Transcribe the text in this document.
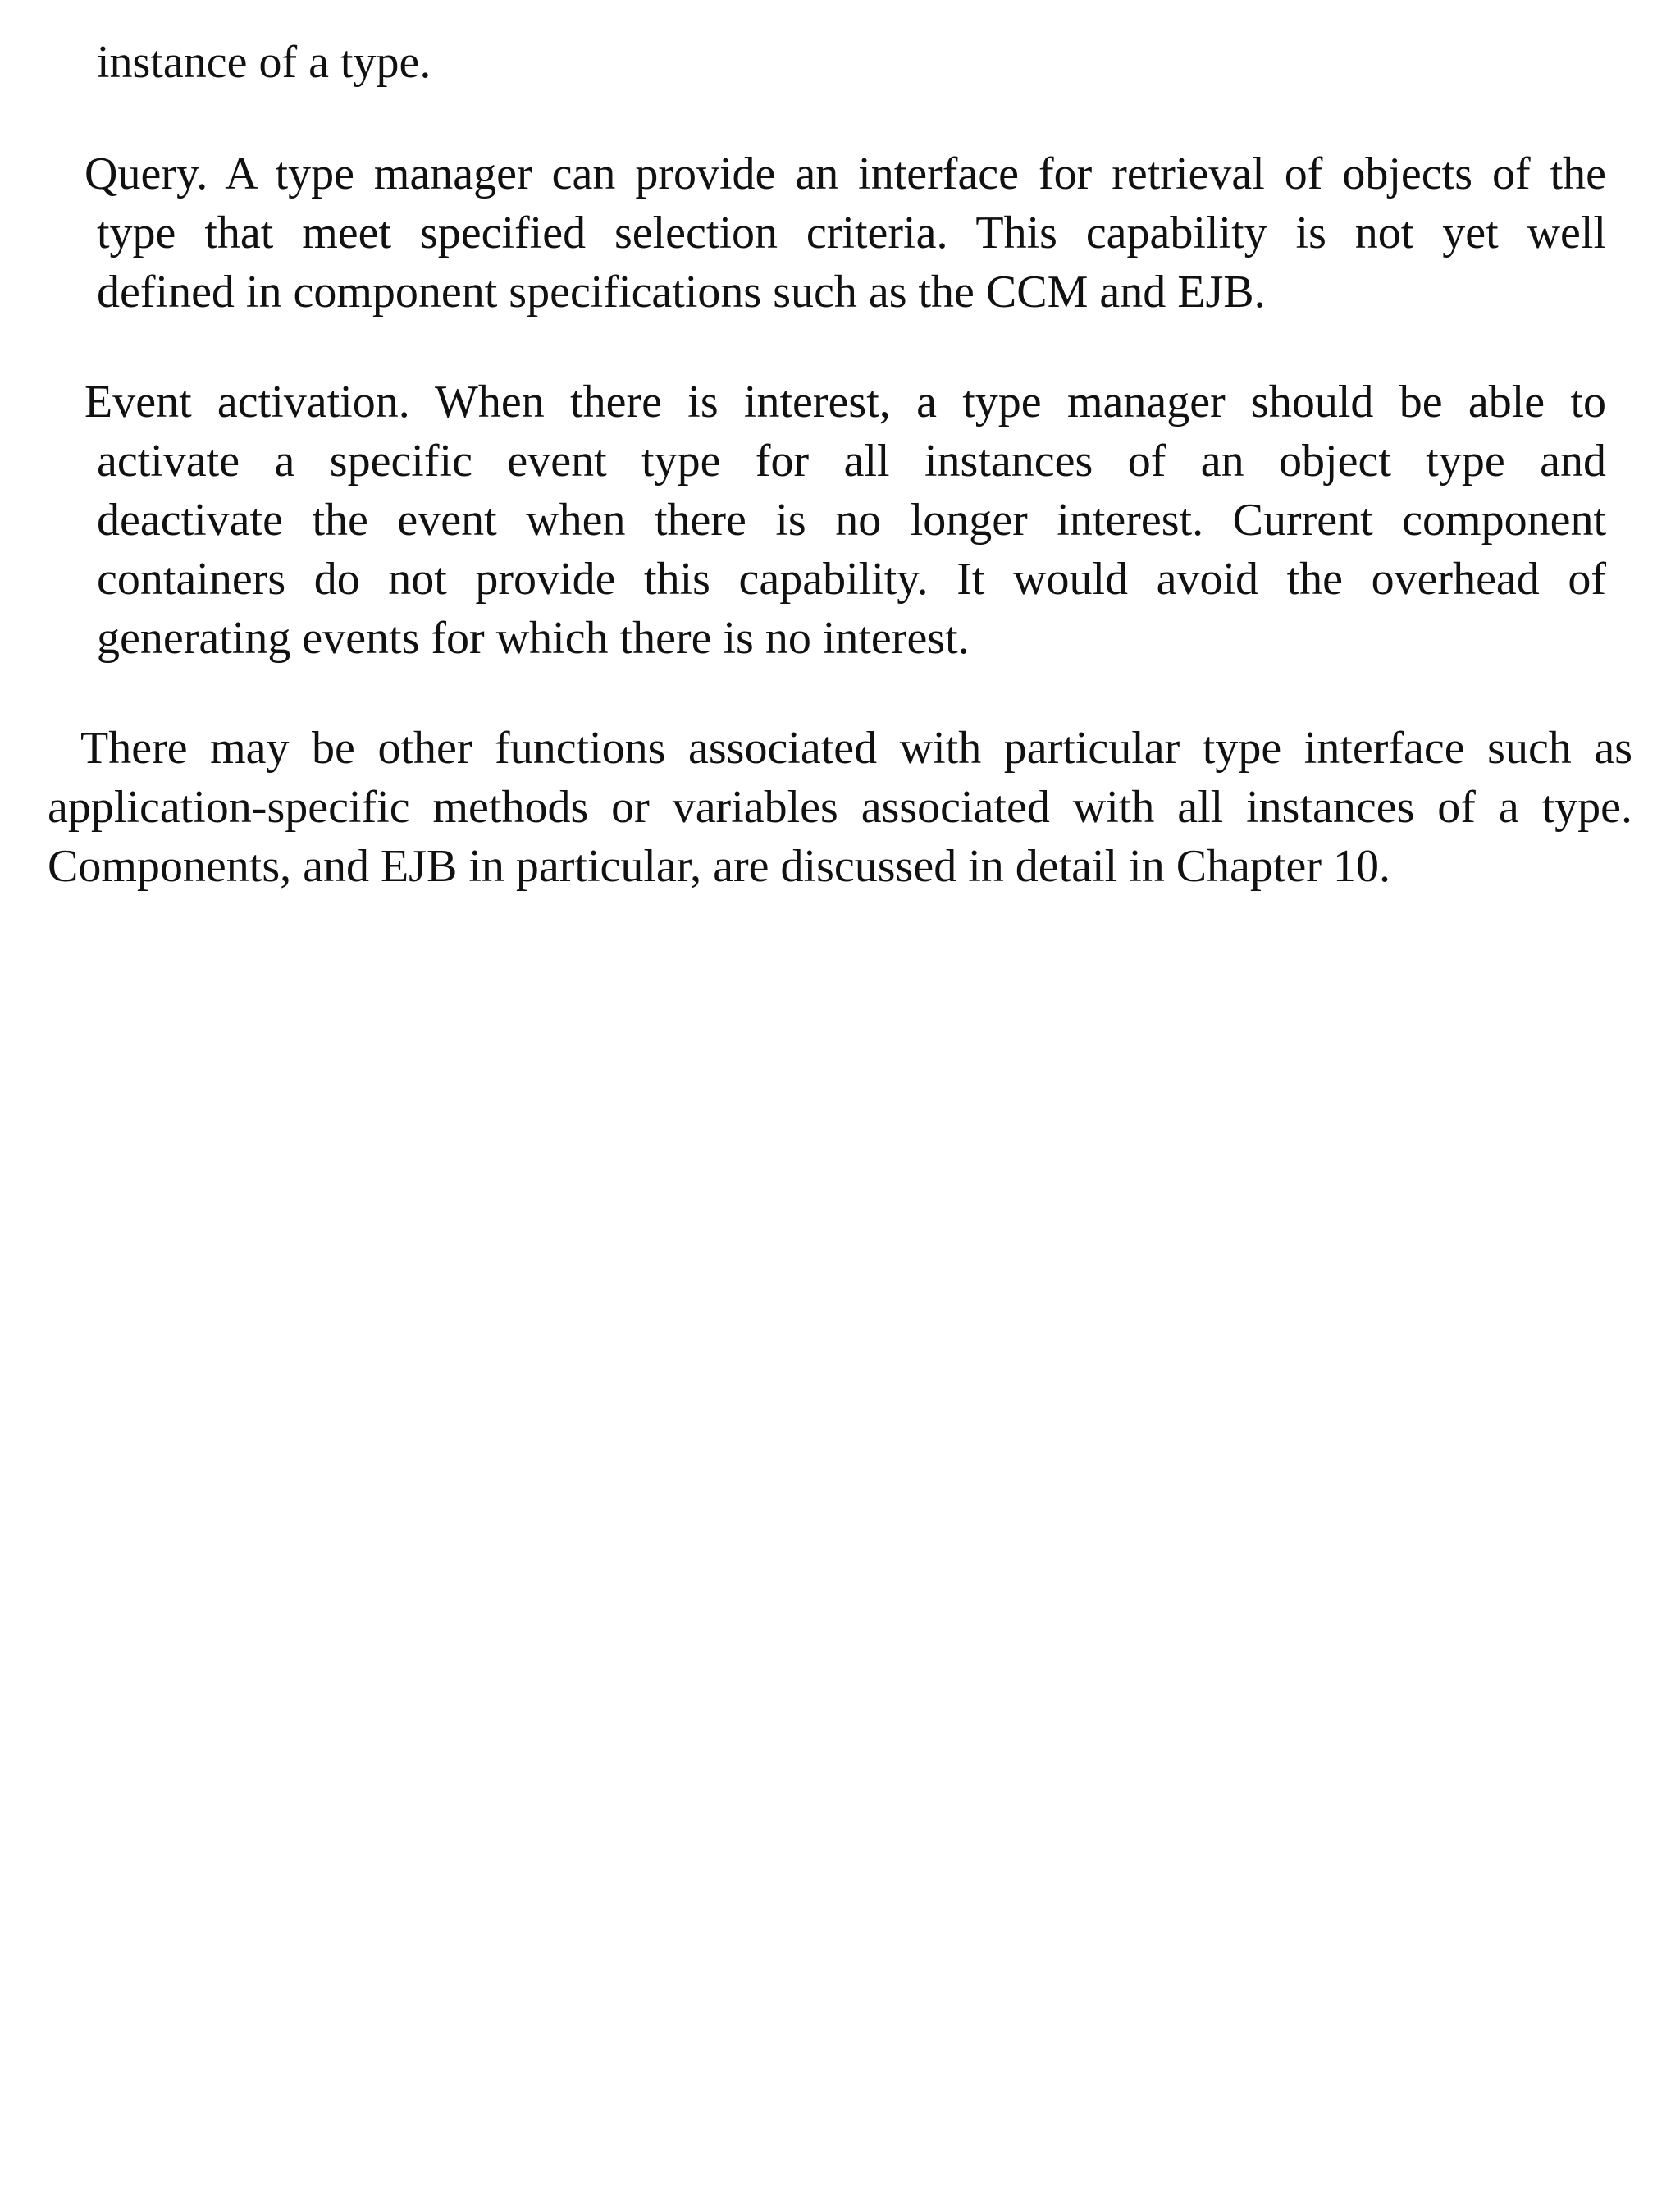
instance of a type.

Query. A type manager can provide an interface for retrieval of objects of the
type that meet specified selection criteria. This capability is not yet well
defined in component specifications such as the CCM and EJB.

Event activation. When there is interest, a type manager should be able to
activate a specific event type for all instances of an object type and
deactivate the event when there is no longer interest. Current component
containers do not provide this capability. It would avoid the overhead of
generating events for which there is no interest.

There may be other functions associated with particular type interface such as
application-specific methods or variables associated with all instances of a type.
Components, and EJB in particular, are discussed in detail in Chapter 10.
